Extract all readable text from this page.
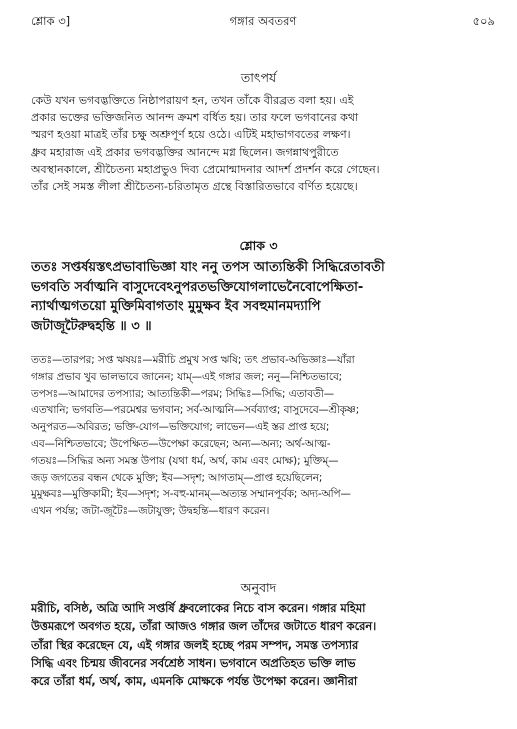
শ্লোক ৩]	গঙ্গার অবতরণ	৫০৯
তাৎপর্য

কেউ যখন ভগবদ্ভক্তিতে নিষ্ঠাপরায়ণ হন, তখন তাঁকে বীরব্রত বলা হয়। এই

প্রকার ভক্তের ভক্তিজনিত আনন্দ ক্রমশ বর্ধিত হয়। তার ফলে ভগবানের কথা

স্মরণ হওয়া মাত্রই তাঁর চক্ষু অশ্রুপূর্ণ হয়ে ওঠে। এটিই মহাভাগবতের লক্ষণ।

ধ্রুব মহারাজ এই প্রকার ভগবদ্ভক্তির আনন্দে মগ্ন ছিলেন। জগন্নাথপুরীতে

অবস্থানকালে, শ্রীচৈতন্য মহাপ্রভুও দিব্য প্রেমোন্মাদনার আদর্শ প্রদর্শন করে গেছেন।

তাঁর সেই সমস্ত লীলা শ্রীচৈতন্য-চরিতামৃত গ্রন্থে বিস্তারিতভাবে বর্ণিত হয়েছে।

শ্লোক ৩

ততঃ সপ্তর্ষয়স্তৎপ্রভাবাভিজ্ঞা যাং ননু তপস আত্যন্তিকী সিদ্ধিরেতাবতী

ভগবতি সর্বাত্মনি বাসুদেবেঽনুপরতভক্তিযোগলাভেনৈবোপেক্ষিতা-

ন্যার্থাত্মগতয়ো মুক্তিমিবাগতাং মুমুক্ষব ইব সবহুমানমদ্যাপি

জটাজূটৈরুদ্বহন্তি ॥ ৩ ॥

ততঃ—তারপর; সপ্ত ঋষয়ঃ—মরীচি প্রমুখ সপ্ত ঋষি; তৎ প্রভাব-অভিজ্ঞাঃ—যাঁরা

গঙ্গার প্রভাব খুব ভালভাবে জানেন; যাম্—এই গঙ্গার জল; ননু—নিশ্চিতভাবে;

তপসঃ—আমাদের তপস্যার; আত্যন্তিকী—পরম; সিদ্ধিঃ—সিদ্ধি; এতাবতী—

এতখানি; ভগবতি—পরমেশ্বর ভগবান; সর্ব-আত্মনি—সর্বব্যাপ্ত; বাসুদেবে—শ্রীকৃষ্ণ;

অনুপরত—অবিরত; ভক্তি-যোগ—ভক্তিযোগ; লাভেন—এই স্তর প্রাপ্ত হয়ে;

এব—নিশ্চিতভাবে; উপেক্ষিত—উপেক্ষা করেছেন; অন্য—অন্য; অর্থ-আত্ম-

গতয়ঃ—সিদ্ধির অন্য সমস্ত উপায় (যথা ধর্ম, অর্থ, কাম এবং মোক্ষ); মুক্তিম্—

জড় জগতের বন্ধন থেকে মুক্তি; ইব—সদৃশ; আগতাম্—প্রাপ্ত হয়েছিলেন;

মুমুক্ষবঃ—মুক্তিকামী; ইব—সদৃশ; স-বহু-মানম্—অত্যন্ত সম্মানপূর্বক; অদ্য-অপি—

এখন পর্যন্ত; জটা-জূটৈঃ—জটাযুক্ত; উদ্বহন্তি—ধারণ করেন।

অনুবাদ

মরীচি, বসিষ্ঠ, অত্রি আদি সপ্তর্ষি ধ্রুবলোকের নিচে বাস করেন। গঙ্গার মহিমা

উত্তমরূপে অবগত হয়ে, তাঁরা আজও গঙ্গার জল তাঁদের জটাতে ধারণ করেন।

তাঁরা স্থির করেছেন যে, এই গঙ্গার জলই হচ্ছে পরম সম্পদ, সমস্ত তপস্যার

সিদ্ধি এবং চিন্ময় জীবনের সর্বশ্রেষ্ঠ সাধন। ভগবানে অপ্রতিহত ভক্তি লাভ

করে তাঁরা ধর্ম, অর্থ, কাম, এমনকি মোক্ষকে পর্যন্ত উপেক্ষা করেন। জ্ঞানীরা
